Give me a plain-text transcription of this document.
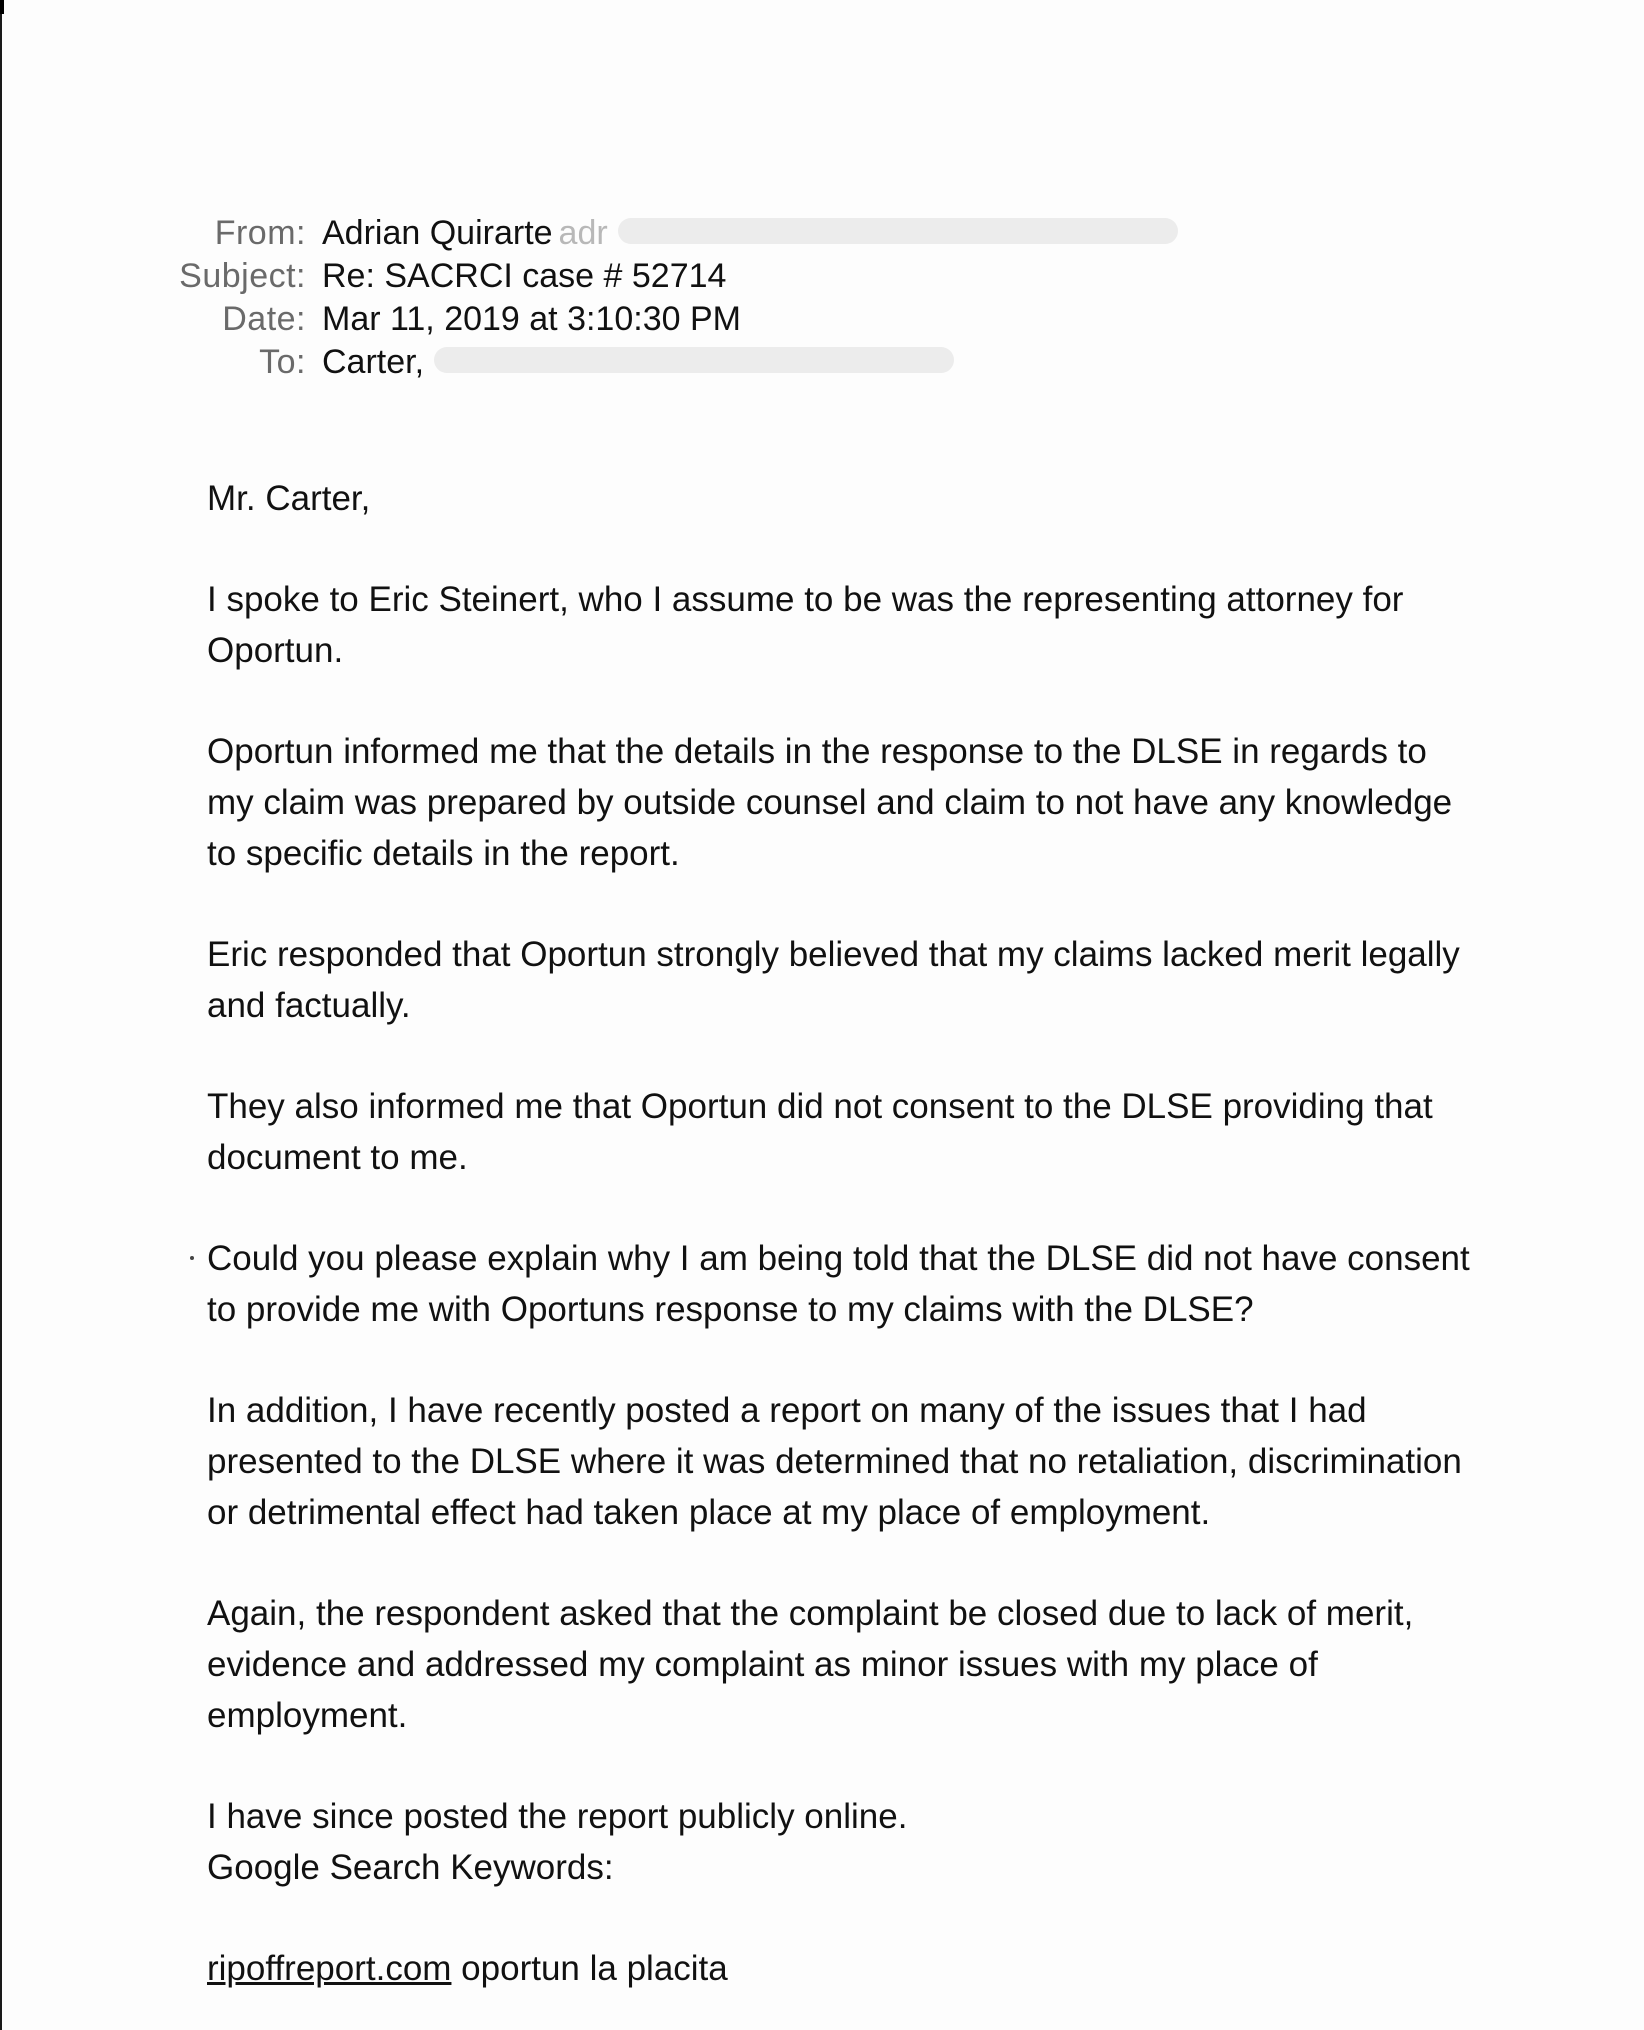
From: Adrian Quirarte adr
Subject: Re: SACRCI case # 52714
Date: Mar 11, 2019 at 3:10:30 PM
To: Carter,

Mr. Carter,

I spoke to Eric Steinert, who I assume to be was the representing attorney for
Oportun.

Oportun informed me that the details in the response to the DLSE in regards to
my claim was prepared by outside counsel and claim to not have any knowledge
to specific details in the report.

Eric responded that Oportun strongly believed that my claims lacked merit legally
and factually.

They also informed me that Oportun did not consent to the DLSE providing that
document to me.

Could you please explain why I am being told that the DLSE did not have consent
to provide me with Oportuns response to my claims with the DLSE?

In addition, I have recently posted a report on many of the issues that I had
presented to the DLSE where it was determined that no retaliation, discrimination
or detrimental effect had taken place at my place of employment.

Again, the respondent asked that the complaint be closed due to lack of merit,
evidence and addressed my complaint as minor issues with my place of
employment.

I have since posted the report publicly online.

Google Search Keywords:

ripoffreport.com oportun la placita
